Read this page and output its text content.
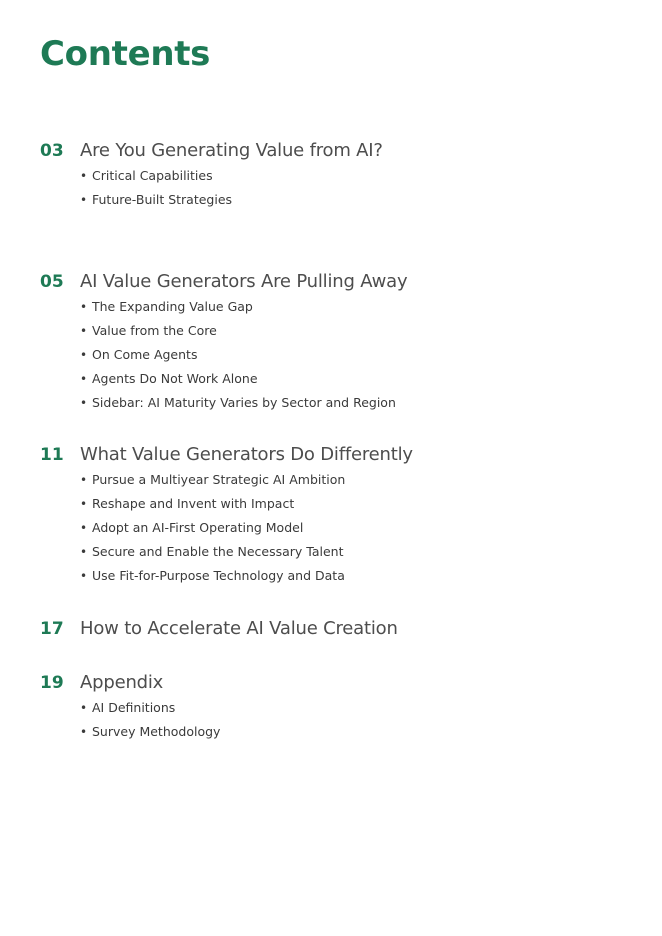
Contents
03 Are You Generating Value from AI?
• Critical Capabilities
• Future-Built Strategies
05 AI Value Generators Are Pulling Away
• The Expanding Value Gap
• Value from the Core
• On Come Agents
• Agents Do Not Work Alone
• Sidebar: AI Maturity Varies by Sector and Region
11 What Value Generators Do Differently
• Pursue a Multiyear Strategic AI Ambition
• Reshape and Invent with Impact
• Adopt an AI-First Operating Model
• Secure and Enable the Necessary Talent
• Use Fit-for-Purpose Technology and Data
17 How to Accelerate AI Value Creation
19 Appendix
• AI Definitions
• Survey Methodology
